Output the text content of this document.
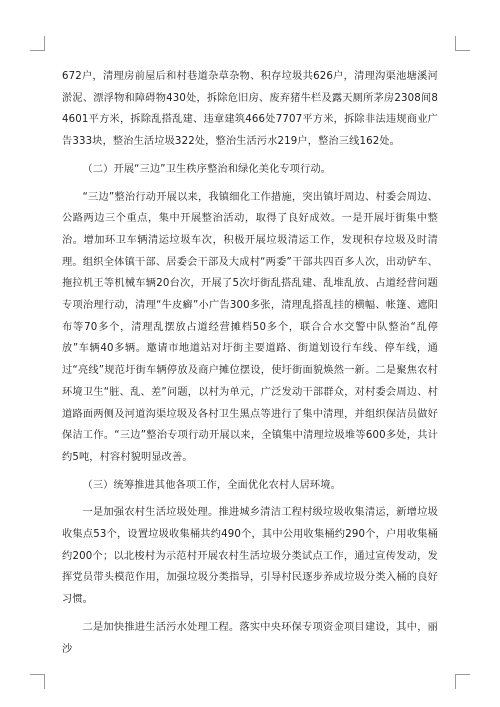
672户，清理房前屋后和村巷道杂草杂物、积存垃圾共626户，清理沟渠池塘溪河淤泥、漂浮物和障碍物430处，拆除危旧房、废弃猪牛栏及露天厕所茅房2308间84601平方米，拆除乱搭乱建、违章建筑466处7707平方米，拆除非法违规商业广告333块，整治生活垃圾322处，整治生活污水219户，整治三线162处。

（二）开展“三边”卫生秩序整治和绿化美化专项行动。

“三边”整治行动开展以来，我镇细化工作措施，突出镇圩周边、村委会周边、公路两边三个重点，集中开展整治活动，取得了良好成效。一是开展圩街集中整治。增加环卫车辆清运垃圾车次，积极开展垃圾清运工作，发现积存垃圾及时清理。组织全体镇干部、居委会干部及大成村“两委”干部共四百多人次，出动铲车、拖拉机王等机械车辆20台次，开展了5次圩街乱搭乱建、乱堆乱放、占道经营问题专项治理行动，清理“牛皮癣”小广告300多张，清理乱搭乱挂的横幅、帐篷、遮阳布等70多个，清理乱摆放占道经营摊档50多个，联合合水交警中队整治“乱停放”车辆40多辆。邀请市地道站对圩街主要道路、街道划设行车线、停车线，通过“亮线”规范圩街车辆停放及商户摊位摆设，使圩街面貌焕然一新。二是聚焦农村环境卫生“脏、乱、差”问题，以村为单元，广泛发动干部群众，对村委会周边、村道路面两侧及河道沟渠垃圾及各村卫生黑点等进行了集中清理，并组织保洁员做好保洁工作。“三边”整治专项行动开展以来，全镇集中清理垃圾堆等600多处，共计约5吨，村容村貌明显改善。

（三）统筹推进其他各项工作，全面优化农村人居环境。

一是加强农村生活垃圾处理。推进城乡清洁工程村级垃圾收集清运，新增垃圾收集点53个，设置垃圾收集桶共约490个，其中公用收集桶约290个，户用收集桶约200个；以北梭村为示范村开展农村生活垃圾分类试点工作，通过宣传发动，发挥党员带头模范作用，加强垃圾分类指导，引导村民逐步养成垃圾分类入桶的良好习惯。

二是加快推进生活污水处理工程。落实中央环保专项资金项目建设，其中，丽沙
